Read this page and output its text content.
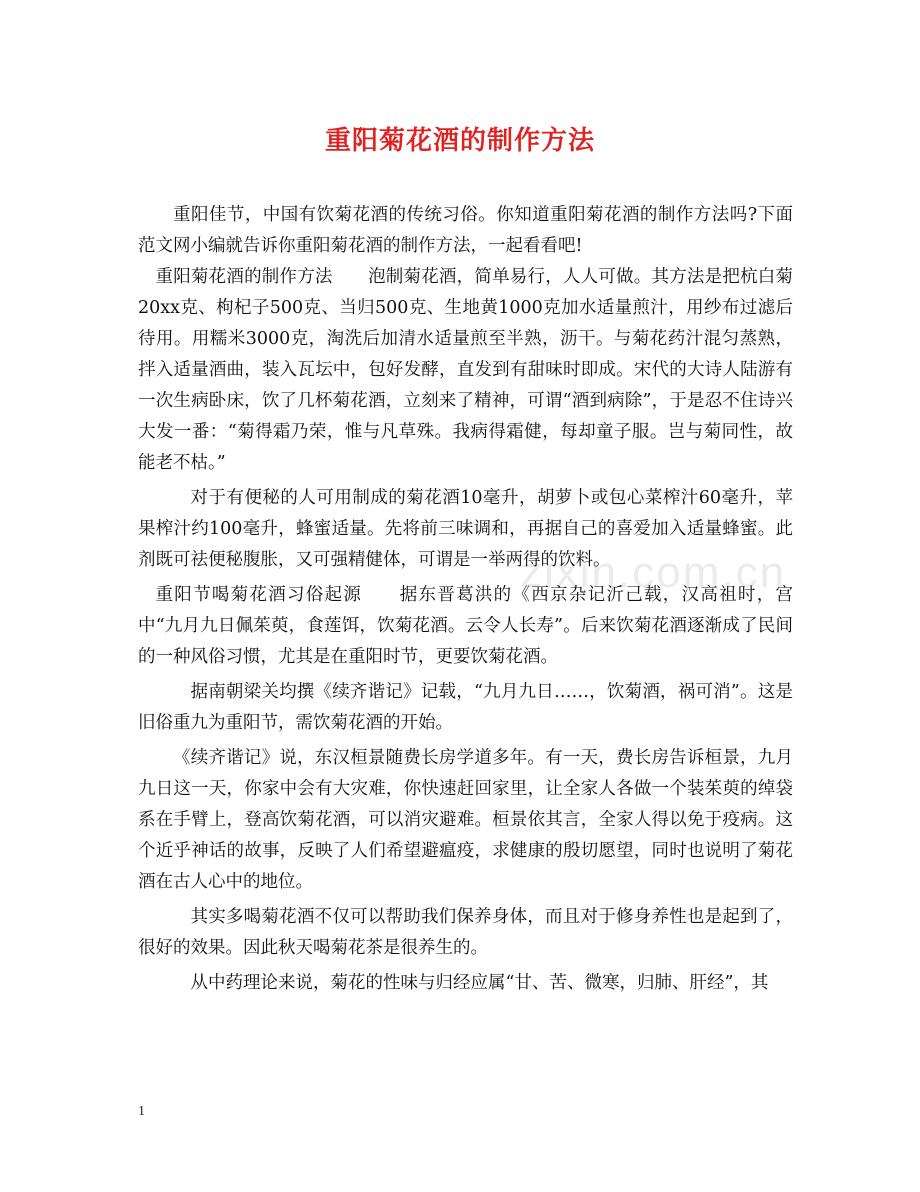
重阳菊花酒的制作方法

重阳佳节，中国有饮菊花酒的传统习俗。你知道重阳菊花酒的制作方法吗?下面范文网小编就告诉你重阳菊花酒的制作方法，一起看看吧!

重阳菊花酒的制作方法　　泡制菊花酒，简单易行，人人可做。其方法是把杭白菊20xx克、枸杞子500克、当归500克、生地黄1000克加水适量煎汁，用纱布过滤后待用。用糯米3000克，淘洗后加清水适量煎至半熟，沥干。与菊花药汁混匀蒸熟，拌入适量酒曲，装入瓦坛中，包好发酵，直发到有甜味时即成。宋代的大诗人陆游有一次生病卧床，饮了几杯菊花酒，立刻来了精神，可谓“酒到病除”，于是忍不住诗兴大发一番：“菊得霜乃荣，惟与凡草殊。我病得霜健，每却童子服。岂与菊同性，故能老不枯。”

对于有便秘的人可用制成的菊花酒10毫升，胡萝卜或包心菜榨汁60毫升，苹果榨汁约100毫升，蜂蜜适量。先将前三味调和，再据自己的喜爱加入适量蜂蜜。此剂既可祛便秘腹胀，又可强精健体，可谓是一举两得的饮料。

重阳节喝菊花酒习俗起源　　据东晋葛洪的《西京杂记沂己载，汉高祖时，宫中“九月九日佩茱萸，食莲饵，饮菊花酒。云令人长寿”。后来饮菊花酒逐渐成了民间的一种风俗习惯，尤其是在重阳时节，更要饮菊花酒。

据南朝梁关均撰《续齐谐记》记载，“九月九日……，饮菊酒，祸可消”。这是旧俗重九为重阳节，需饮菊花酒的开始。

《续齐谐记》说，东汉桓景随费长房学道多年。有一天，费长房告诉桓景，九月九日这一天，你家中会有大灾难，你快速赶回家里，让全家人各做一个装茱萸的绰袋系在手臂上，登高饮菊花酒，可以消灾避难。桓景依其言，全家人得以免于疫病。这个近乎神话的故事，反映了人们希望避瘟疫，求健康的殷切愿望，同时也说明了菊花酒在古人心中的地位。

其实多喝菊花酒不仅可以帮助我们保养身体，而且对于修身养性也是起到了，很好的效果。因此秋天喝菊花茶是很养生的。

从中药理论来说，菊花的性味与归经应属“甘、苦、微寒，归肺、肝经”，其

zixin.com.cn
1
